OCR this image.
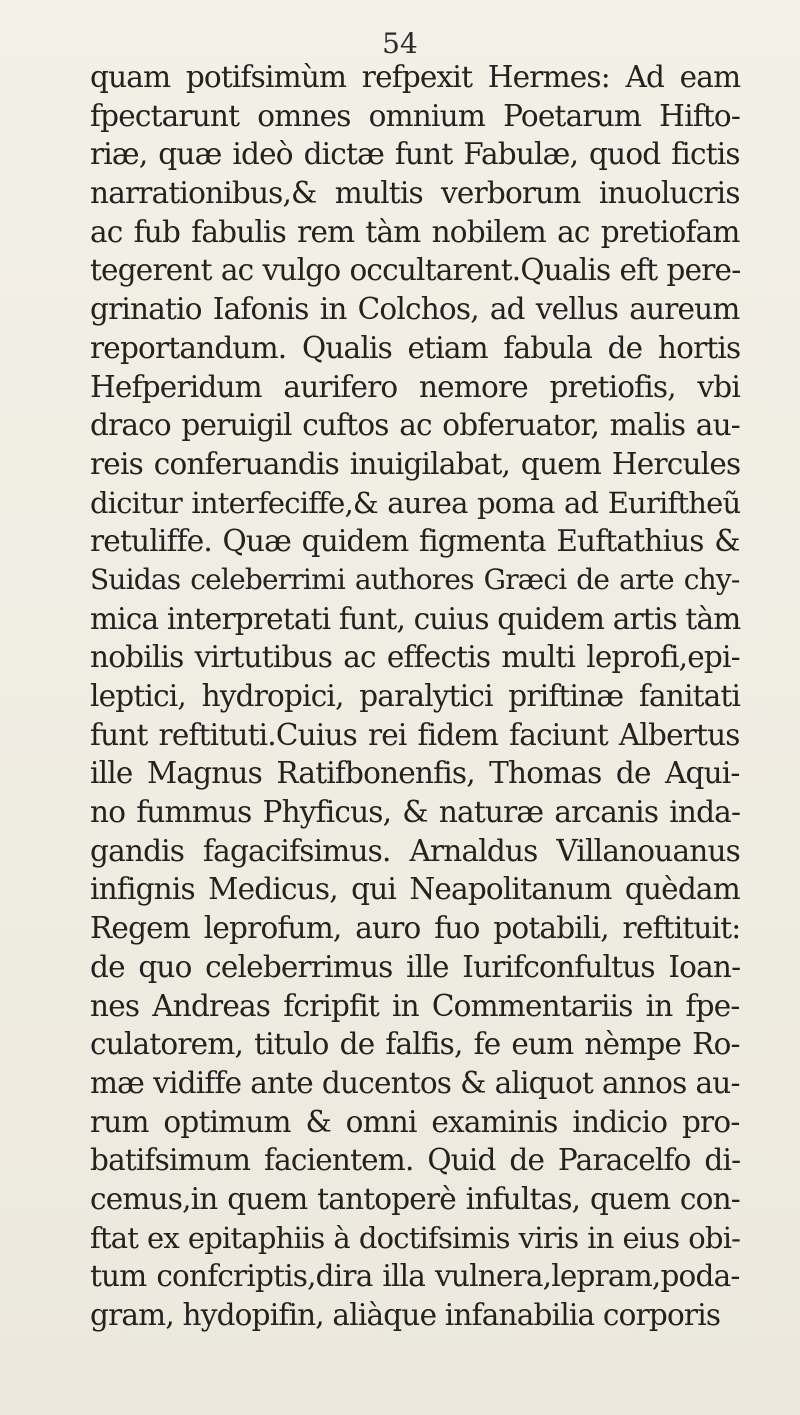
54
quam potifsimùm refpexit Hermes: Ad eam
fpectarunt omnes omnium Poetarum Hifto-
riæ, quæ ideò dictæ funt Fabulæ, quod fictis
narrationibus,& multis verborum inuolucris
ac fub fabulis rem tàm nobilem ac pretiofam
tegerent ac vulgo occultarent.Qualis eft pere-
grinatio Iafonis in Colchos, ad vellus aureum
reportandum. Qualis etiam fabula de hortis
Hefperidum aurifero nemore pretiofis, vbi
draco peruigil cuftos ac obferuator, malis au-
reis conferuandis inuigilabat, quem Hercules
dicitur interfeciffe,& aurea poma ad Euriftheũ
retuliffe. Quæ quidem figmenta Euftathius &
Suidas celeberrimi authores Græci de arte chy-
mica interpretati funt, cuius quidem artis tàm
nobilis virtutibus ac effectis multi leprofi,epi-
leptici, hydropici, paralytici priftinæ fanitati
funt reftituti.Cuius rei fidem faciunt Albertus
ille Magnus Ratifbonenfis, Thomas de Aqui-
no fummus Phyficus, & naturæ arcanis inda-
gandis fagacifsimus. Arnaldus Villanouanus
infignis Medicus, qui Neapolitanum quèdam
Regem leprofum, auro fuo potabili, reftituit:
de quo celeberrimus ille Iurifconfultus Ioan-
nes Andreas fcripfit in Commentariis in fpe-
culatorem, titulo de falfis, fe eum nèmpe Ro-
mæ vidiffe ante ducentos & aliquot annos au-
rum optimum & omni examinis indicio pro-
batifsimum facientem. Quid de Paracelfo di-
cemus,in quem tantoperè infultas, quem con-
ftat ex epitaphiis à doctifsimis viris in eius obi-
tum confcriptis,dira illa vulnera,lepram,poda-
gram, hydopifin, aliàque infanabilia corporis
